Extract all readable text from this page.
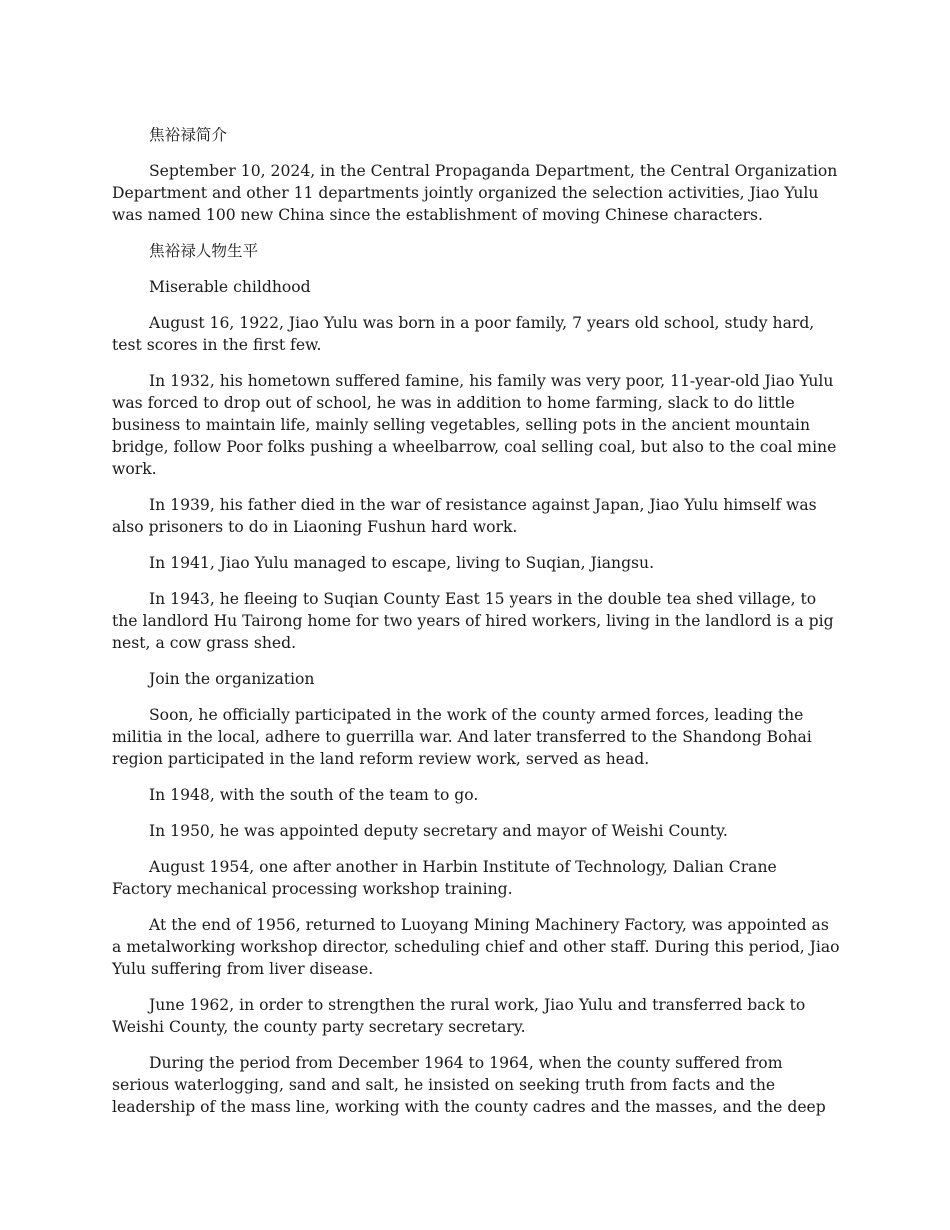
焦裕禄简介

September 10, 2024, in the Central Propaganda Department, the Central Organization Department and other 11 departments jointly organized the selection activities, Jiao Yulu was named 100 new China since the establishment of moving Chinese characters.

焦裕禄人物生平

Miserable childhood

August 16, 1922, Jiao Yulu was born in a poor family, 7 years old school, study hard, test scores in the first few.

In 1932, his hometown suffered famine, his family was very poor, 11-year-old Jiao Yulu was forced to drop out of school, he was in addition to home farming, slack to do little business to maintain life, mainly selling vegetables, selling pots in the ancient mountain bridge, follow Poor folks pushing a wheelbarrow, coal selling coal, but also to the coal mine work.

In 1939, his father died in the war of resistance against Japan, Jiao Yulu himself was also prisoners to do in Liaoning Fushun hard work.

In 1941, Jiao Yulu managed to escape, living to Suqian, Jiangsu.

In 1943, he fleeing to Suqian County East 15 years in the double tea shed village, to the landlord Hu Tairong home for two years of hired workers, living in the landlord is a pig nest, a cow grass shed.

Join the organization

Soon, he officially participated in the work of the county armed forces, leading the militia in the local, adhere to guerrilla war. And later transferred to the Shandong Bohai region participated in the land reform review work, served as head.

In 1948, with the south of the team to go.

In 1950, he was appointed deputy secretary and mayor of Weishi County.

August 1954, one after another in Harbin Institute of Technology, Dalian Crane Factory mechanical processing workshop training.

At the end of 1956, returned to Luoyang Mining Machinery Factory, was appointed as a metalworking workshop director, scheduling chief and other staff. During this period, Jiao Yulu suffering from liver disease.

June 1962, in order to strengthen the rural work, Jiao Yulu and transferred back to Weishi County, the county party secretary secretary.

During the period from December 1964 to 1964, when the county suffered from serious waterlogging, sand and salt, he insisted on seeking truth from facts and the leadership of the mass line, working with the county cadres and the masses, and the deep
